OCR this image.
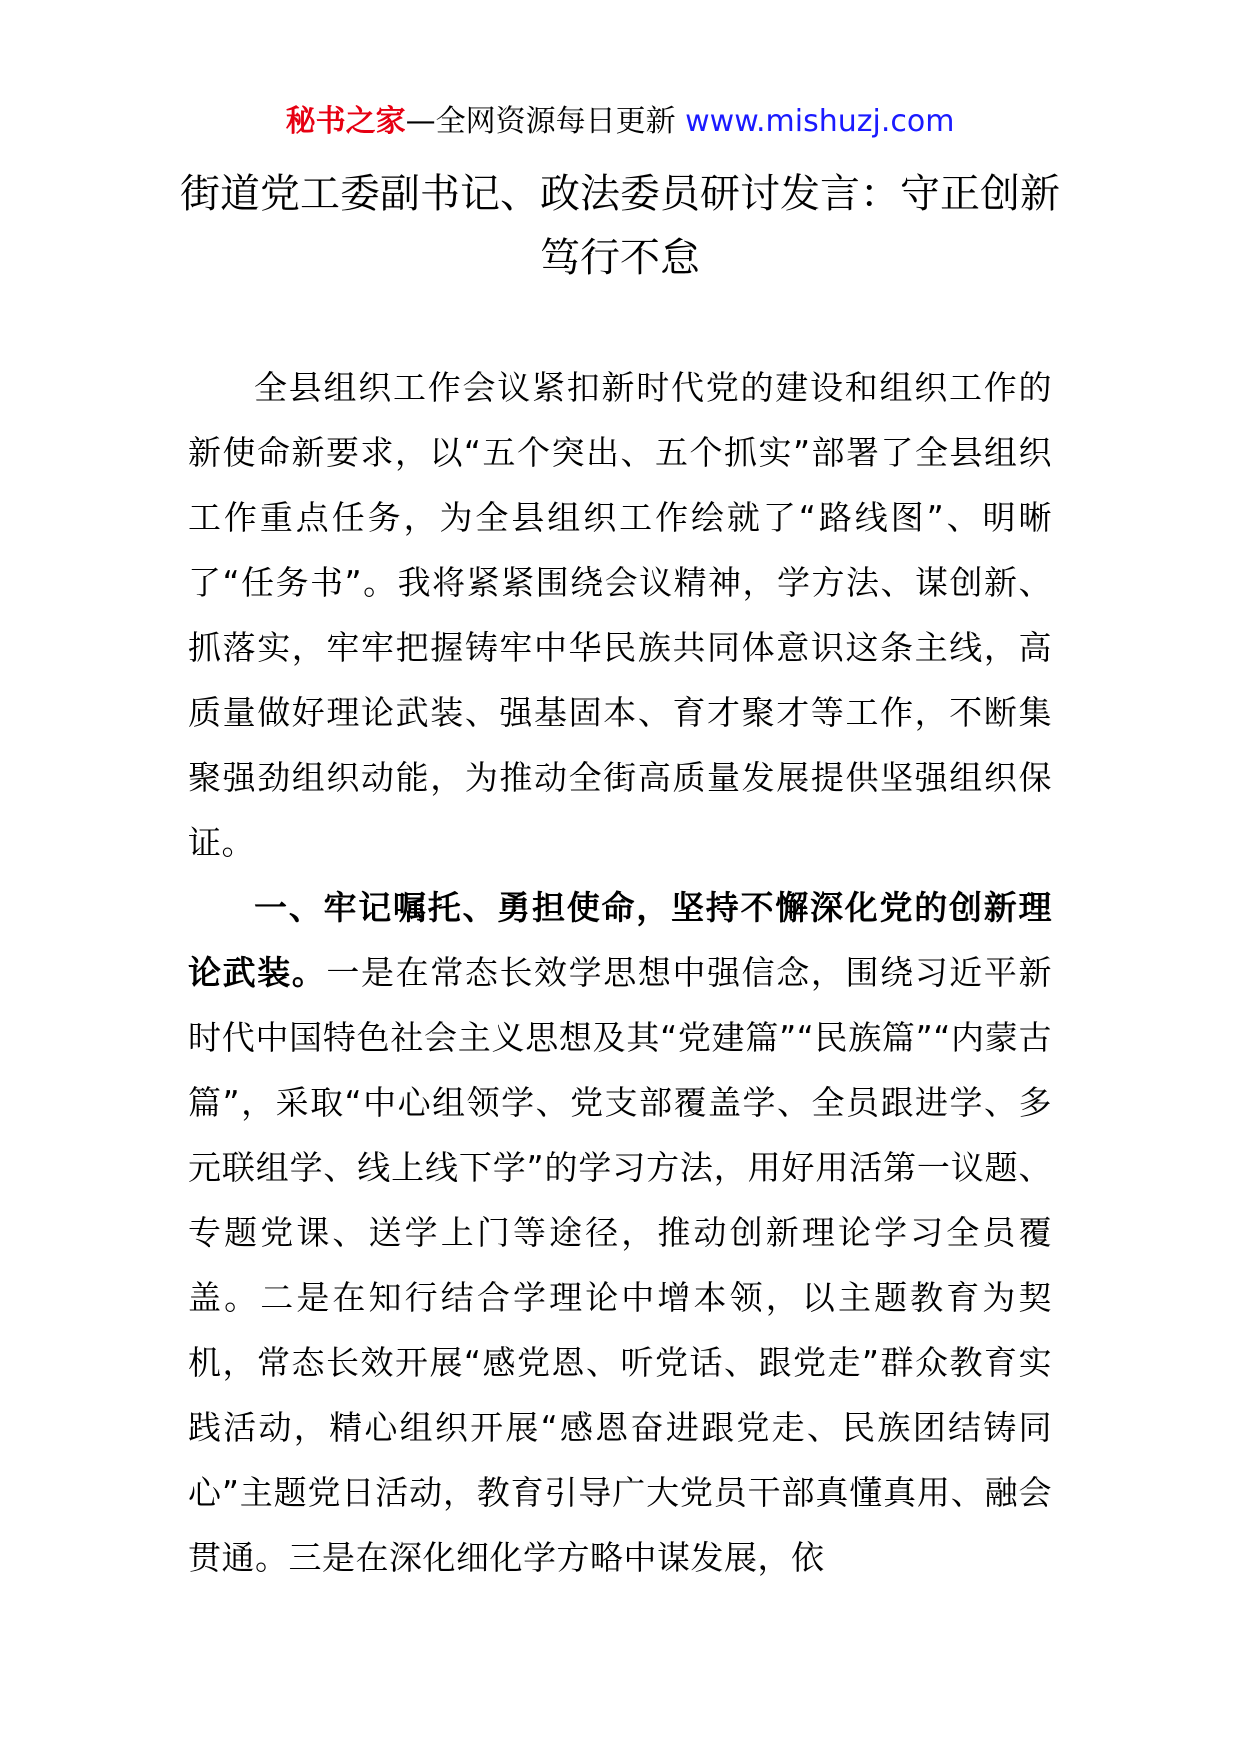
秘书之家—全网资源每日更新 www.mishuzj.com
街道党工委副书记、政法委员研讨发言：守正创新笃行不怠

全县组织工作会议紧扣新时代党的建设和组织工作的新使命新要求，以“五个突出、五个抓实”部署了全县组织工作重点任务，为全县组织工作绘就了“路线图”、明晰了“任务书”。我将紧紧围绕会议精神，学方法、谋创新、抓落实，牢牢把握铸牢中华民族共同体意识这条主线，高质量做好理论武装、强基固本、育才聚才等工作，不断集聚强劲组织动能，为推动全街高质量发展提供坚强组织保证。

一、牢记嘱托、勇担使命，坚持不懈深化党的创新理论武装。一是在常态长效学思想中强信念，围绕习近平新时代中国特色社会主义思想及其“党建篇”“民族篇”“内蒙古篇”，采取“中心组领学、党支部覆盖学、全员跟进学、多元联组学、线上线下学”的学习方法，用好用活第一议题、专题党课、送学上门等途径，推动创新理论学习全员覆盖。二是在知行结合学理论中增本领，以主题教育为契机，常态长效开展“感党恩、听党话、跟党走”群众教育实践活动，精心组织开展“感恩奋进跟党走、民族团结铸同心”主题党日活动，教育引导广大党员干部真懂真用、融会贯通。三是在深化细化学方略中谋发展，依
